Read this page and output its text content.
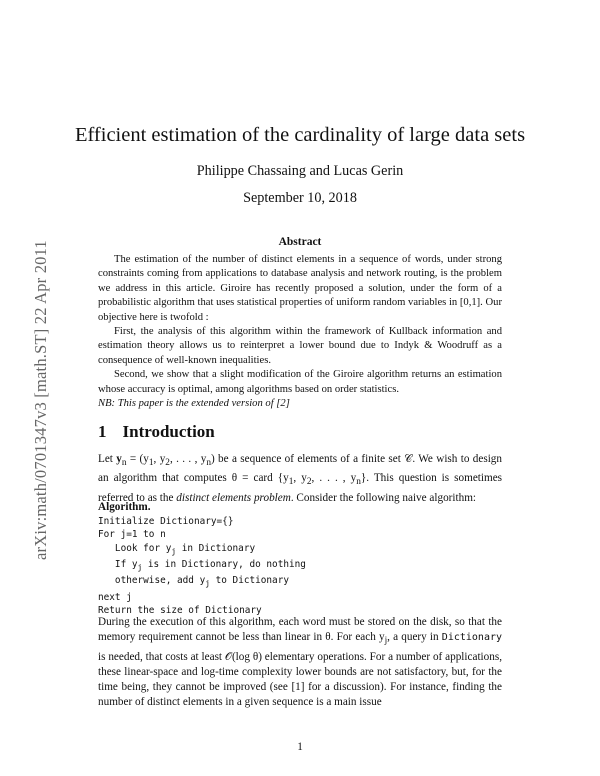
arXiv:math/0701347v3 [math.ST] 22 Apr 2011
Efficient estimation of the cardinality of large data sets
Philippe Chassaing and Lucas Gerin
September 10, 2018
Abstract

The estimation of the number of distinct elements in a sequence of words, under strong constraints coming from applications to database analysis and network routing, is the problem we address in this article. Giroire has recently proposed a solution, under the form of a probabilistic algorithm that uses statistical properties of uniform random variables in [0,1]. Our objective here is twofold :

First, the analysis of this algorithm within the framework of Kullback information and estimation theory allows us to reinterpret a lower bound due to Indyk & Woodruff as a consequence of well-known inequalities.

Second, we show that a slight modification of the Giroire algorithm returns an estimation whose accuracy is optimal, among algorithms based on order statistics.

NB: This paper is the extended version of [2]

1 Introduction
Let $y_n = (y_1$, $y_2$, . . . , $y_n$) be a sequence of elements of a finite set 𝒞. We wish to design an algorithm that computes θ = card {$y_1$, $y_2$, . . . , $y_n$}. This question is sometimes referred to as the distinct elements problem. Consider the following naive algorithm:
Algorithm.
Initialize Dictionary={}
For j=1 to n
Look for $y_j$ in Dictionary
If $y_j$ is in Dictionary, do nothing
otherwise, add $y_j$ to Dictionary
next j
Return the size of Dictionary
During the execution of this algorithm, each word must be stored on the disk, so that the memory requirement cannot be less than linear in θ. For each $y_j$, a query in Dictionary is needed, that costs at least 𝒪(log θ) elementary operations. For a number of applications, these linear-space and log-time complexity lower bounds are not satisfactory, but, for the time being, they cannot be improved (see [1] for a discussion). For instance, finding the number of distinct elements in a given sequence is a main issue
1
